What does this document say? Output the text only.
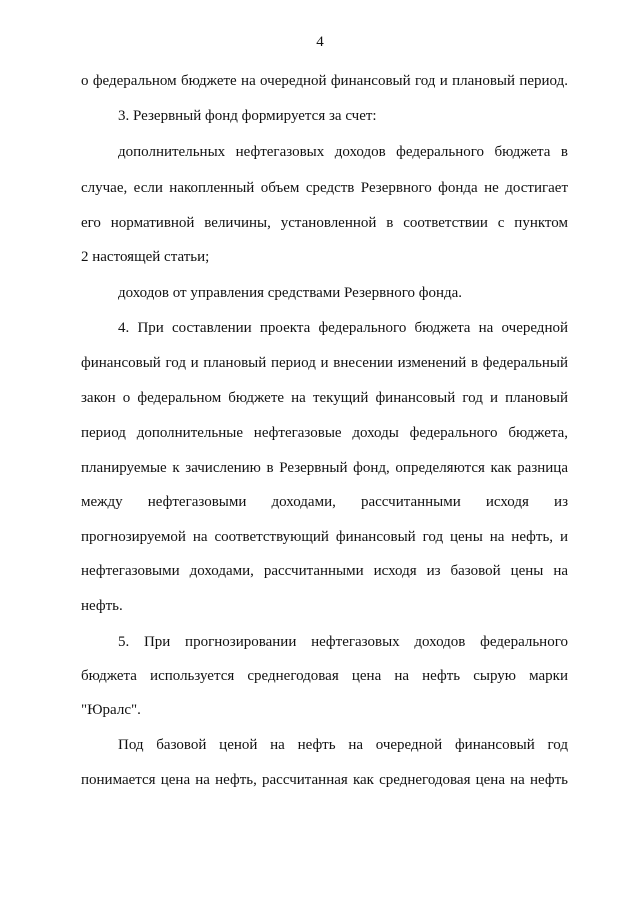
4
о федеральном бюджете на очередной финансовый год и плановый период.
3. Резервный фонд формируется за счет:
дополнительных нефтегазовых доходов федерального бюджета в
случае, если накопленный объем средств Резервного фонда не достигает
его нормативной величины, установленной в соответствии с пунктом
2 настоящей статьи;
доходов от управления средствами Резервного фонда.
4. При составлении проекта федерального бюджета на очередной
финансовый год и плановый период и внесении изменений в федеральный
закон о федеральном бюджете на текущий финансовый год и плановый
период дополнительные нефтегазовые доходы федерального бюджета,
планируемые к зачислению в Резервный фонд, определяются как разница
между нефтегазовыми доходами, рассчитанными исходя из
прогнозируемой на соответствующий финансовый год цены на нефть, и
нефтегазовыми доходами, рассчитанными исходя из базовой цены на
нефть.
5. При прогнозировании нефтегазовых доходов федерального
бюджета используется среднегодовая цена на нефть сырую марки
"Юралс".
Под базовой ценой на нефть на очередной финансовый год
понимается цена на нефть, рассчитанная как среднегодовая цена на нефть
